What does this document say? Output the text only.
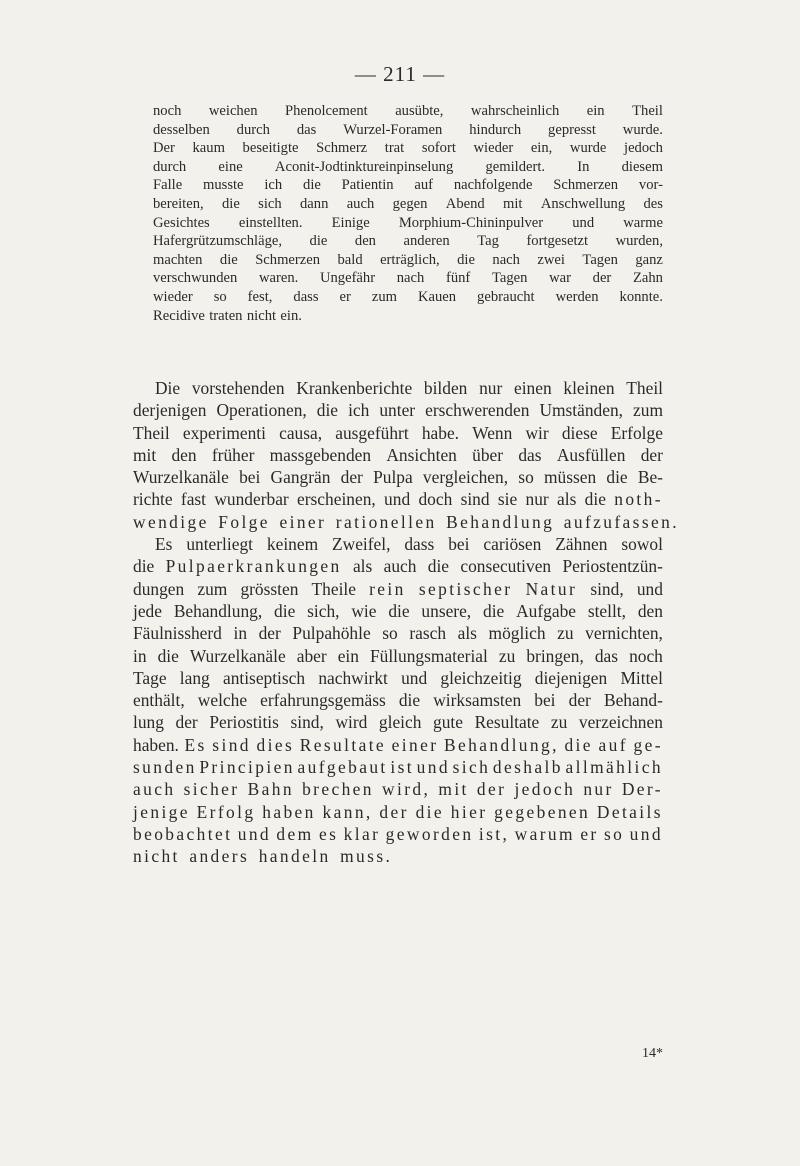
— 211 —
noch weichen Phenolcement ausübte, wahrscheinlich ein Theil
desselben durch das Wurzel-Foramen hindurch gepresst wurde.
Der kaum beseitigte Schmerz trat sofort wieder ein, wurde jedoch
durch eine Aconit-Jodtinktureinpinselung gemildert. In diesem
Falle musste ich die Patientin auf nachfolgende Schmerzen vor-
bereiten, die sich dann auch gegen Abend mit Anschwellung des
Gesichtes einstellten. Einige Morphium-Chininpulver und warme
Hafergrützumschläge, die den anderen Tag fortgesetzt wurden,
machten die Schmerzen bald erträglich, die nach zwei Tagen ganz
verschwunden waren. Ungefähr nach fünf Tagen war der Zahn
wieder so fest, dass er zum Kauen gebraucht werden konnte.
Recidive traten nicht ein.
Die vorstehenden Krankenberichte bilden nur einen kleinen Theil
derjenigen Operationen, die ich unter erschwerenden Umständen, zum
Theil experimenti causa, ausgeführt habe. Wenn wir diese Erfolge
mit den früher massgebenden Ansichten über das Ausfüllen der
Wurzelkanäle bei Gangrän der Pulpa vergleichen, so müssen die Be-
richte fast wunderbar erscheinen, und doch sind sie nur als die noth-
wendige Folge einer rationellen Behandlung aufzufassen.
Es unterliegt keinem Zweifel, dass bei cariösen Zähnen sowol
die Pulpaerkrankungen als auch die consecutiven Periostentzün-
dungen zum grössten Theile rein septischer Natur sind, und
jede Behandlung, die sich, wie die unsere, die Aufgabe stellt, den
Fäulnissherd in der Pulpahöhle so rasch als möglich zu vernichten,
in die Wurzelkanäle aber ein Füllungsmaterial zu bringen, das noch
Tage lang antiseptisch nachwirkt und gleichzeitig diejenigen Mittel
enthält, welche erfahrungsgemäss die wirksamsten bei der Behand-
lung der Periostitis sind, wird gleich gute Resultate zu verzeichnen
haben. Es sind dies Resultate einer Behandlung, die auf ge-
sunden Principien aufgebaut ist und sich deshalb allmählich
auch sicher Bahn brechen wird, mit der jedoch nur Der-
jenige Erfolg haben kann, der die hier gegebenen Details
beobachtet und dem es klar geworden ist, warum er so und
nicht anders handeln muss.
14*
